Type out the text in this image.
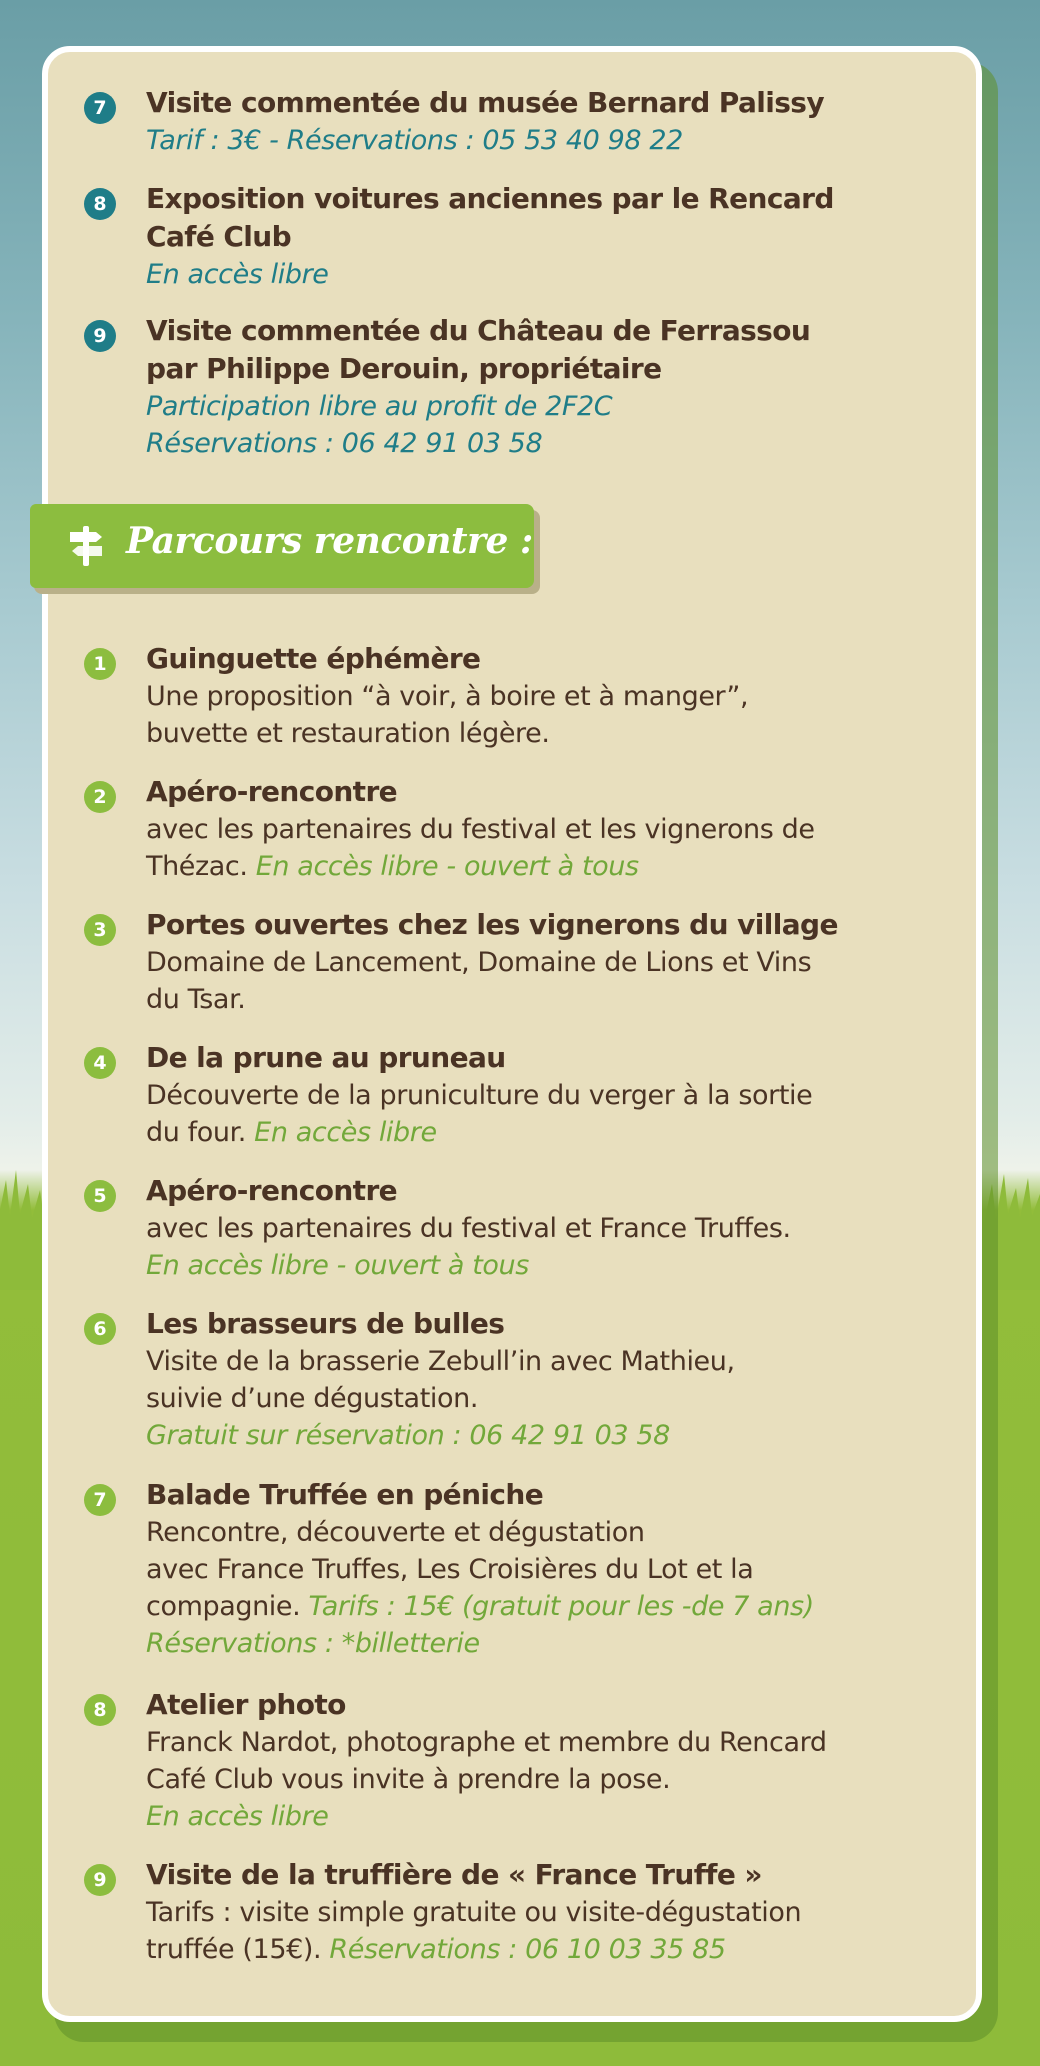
7	Visite commentée du musée Bernard Palissy
Tarif : 3€ - Réservations : 05 53 40 98 22
8	Exposition voitures anciennes par le Rencard
Café Club
En accès libre
9	Visite commentée du Château de Ferrassou
par Philippe Derouin, propriétaire
Participation libre au profit de 2F2C
Réservations : 06 42 91 03 58
Parcours rencontre :
1	Guinguette éphémère
Une proposition “à voir, à boire et à manger”,
buvette et restauration légère.
2	Apéro-rencontre
avec les partenaires du festival et les vignerons de
Thézac. En accès libre - ouvert à tous
3	Portes ouvertes chez les vignerons du village
Domaine de Lancement, Domaine de Lions et Vins
du Tsar.
4	De la prune au pruneau
Découverte de la pruniculture du verger à la sortie
du four. En accès libre
5	Apéro-rencontre
avec les partenaires du festival et France Truffes.
En accès libre - ouvert à tous
6	Les brasseurs de bulles
Visite de la brasserie Zebull’in avec Mathieu,
suivie d’une dégustation.
Gratuit sur réservation : 06 42 91 03 58
7	Balade Truffée en péniche
Rencontre, découverte et dégustation
avec France Truffes, Les Croisières du Lot et la
compagnie. Tarifs : 15€ (gratuit pour les -de 7 ans)
Réservations : *billetterie
8	Atelier photo
Franck Nardot, photographe et membre du Rencard
Café Club vous invite à prendre la pose.
En accès libre
9	Visite de la truffière de « France Truffe »
Tarifs : visite simple gratuite ou visite-dégustation
truffée (15€). Réservations : 06 10 03 35 85
